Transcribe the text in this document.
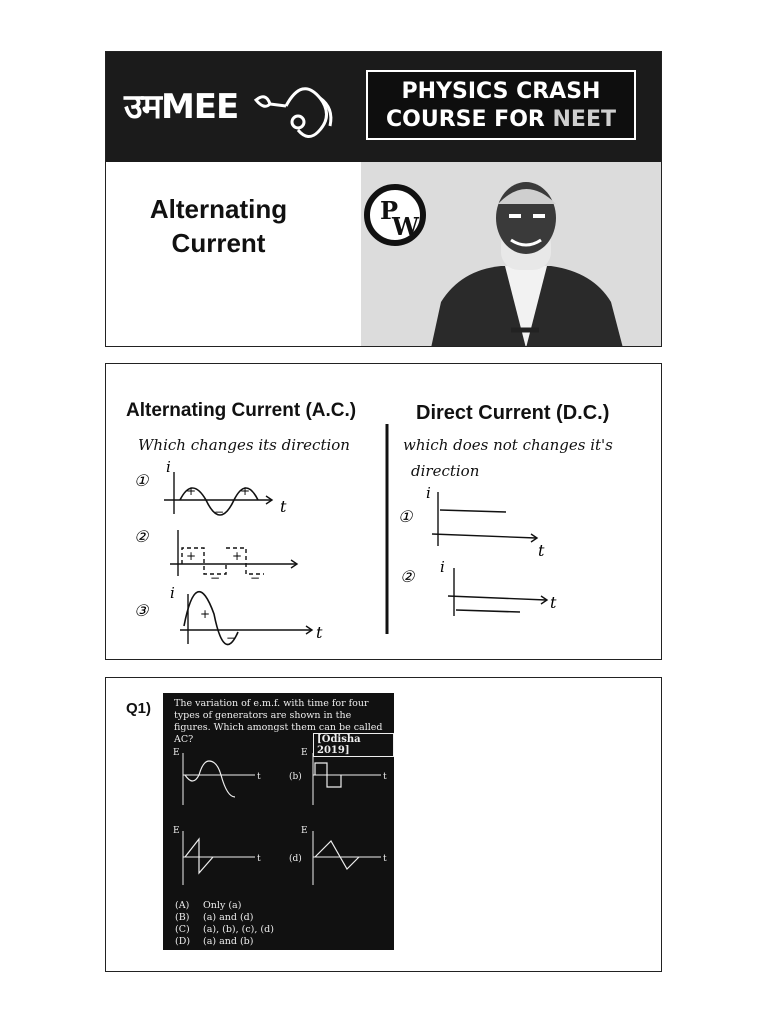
उमMEE	PHYSICS CRASH
COURSE FOR NEET
Alternating
Current
P
W
Alternating Current (A.C.)	Direct Current (D.C.)
Which changes its direction	which does not changes it's
direction
①
i
+
−
+
t
②
+
−
+
−
③
i
+
−	t
①
i
t
② i
t
Q1) The variation of e.m.f. with time for four types of generators are shown in the figures. Which amongst them can be called AC?	[Odisha 2019]
E
t	(b)
E
t
E
t	(d)
E
t
(A) Only (a)
(B) (a) and (d)
(C) (a), (b), (c), (d)
(D) (a) and (b)
